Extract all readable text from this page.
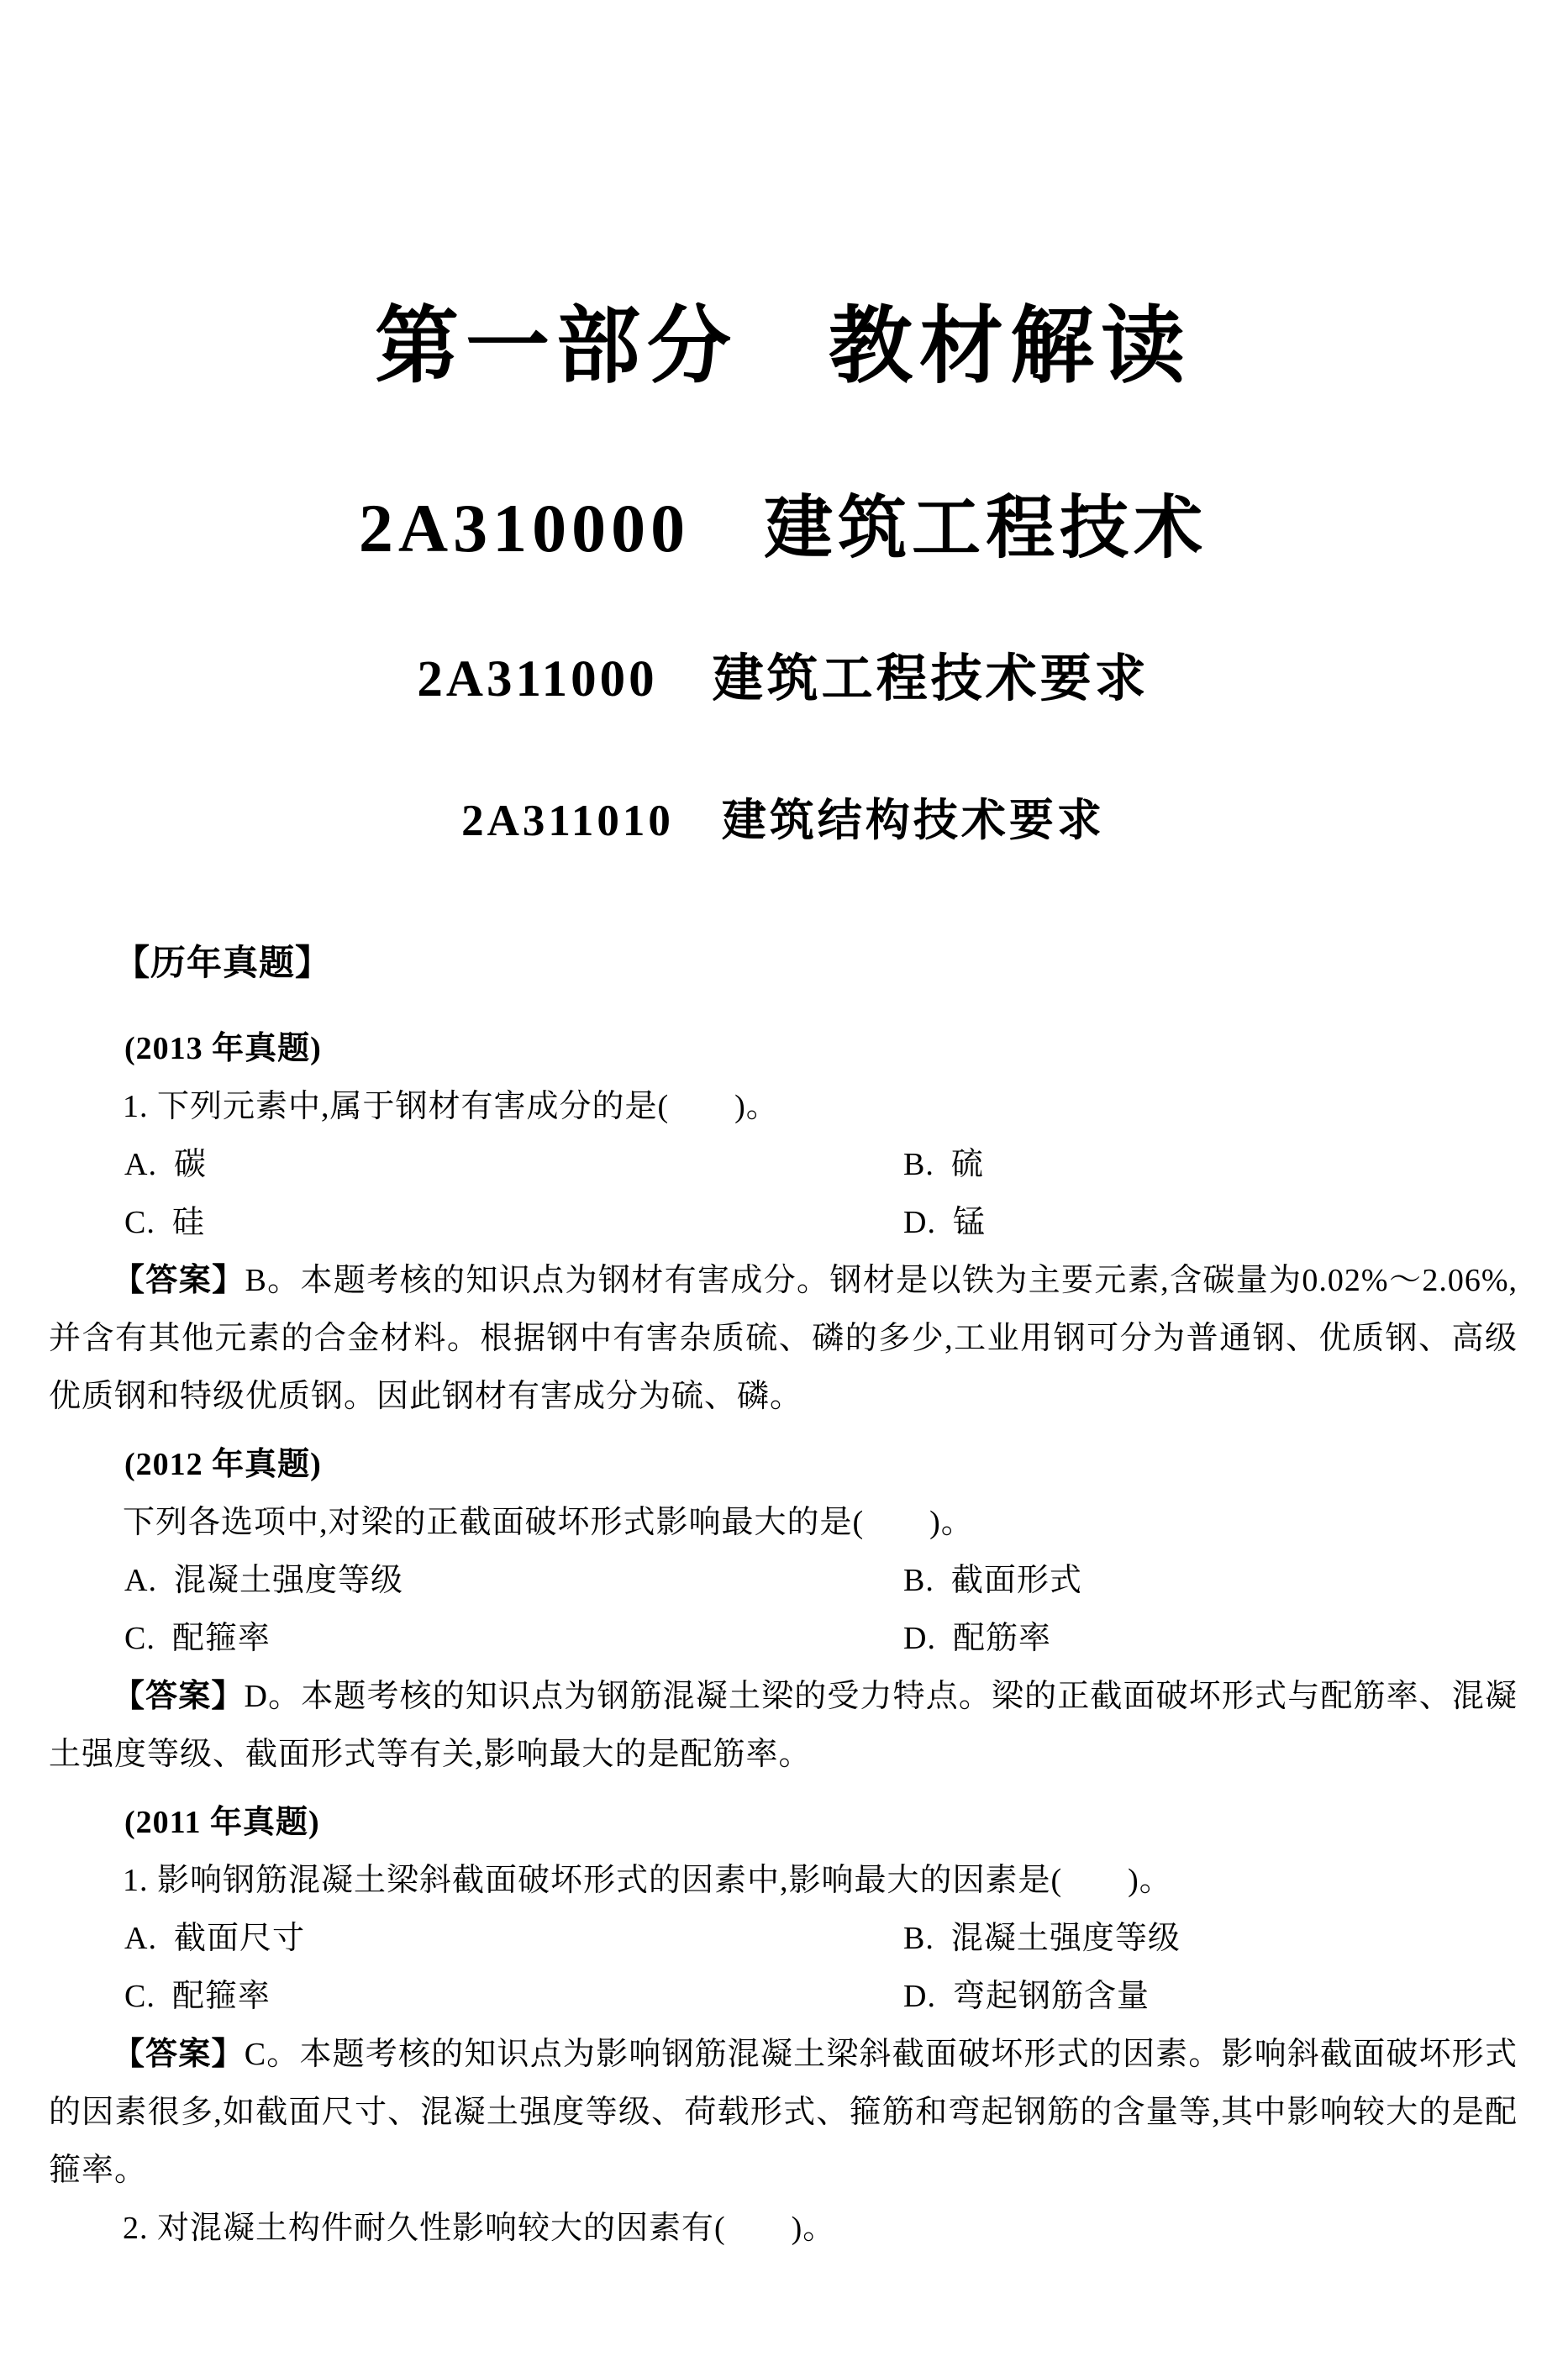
第一部分　教材解读
2A310000　建筑工程技术
2A311000　建筑工程技术要求
2A311010　建筑结构技术要求
【历年真题】
(2013 年真题)
1. 下列元素中,属于钢材有害成分的是(　　)。
A. 碳	B. 硫
C. 硅	D. 锰

【答案】B。本题考核的知识点为钢材有害成分。钢材是以铁为主要元素,含碳量为0.02%～2.06%,并含有其他元素的合金材料。根据钢中有害杂质硫、磷的多少,工业用钢可分为普通钢、优质钢、高级优质钢和特级优质钢。因此钢材有害成分为硫、磷。

(2012 年真题)
下列各选项中,对梁的正截面破坏形式影响最大的是(　　)。
A. 混凝土强度等级	B. 截面形式
C. 配箍率	D. 配筋率

【答案】D。本题考核的知识点为钢筋混凝土梁的受力特点。梁的正截面破坏形式与配筋率、混凝土强度等级、截面形式等有关,影响最大的是配筋率。

(2011 年真题)
1. 影响钢筋混凝土梁斜截面破坏形式的因素中,影响最大的因素是(　　)。
A. 截面尺寸	B. 混凝土强度等级
C. 配箍率	D. 弯起钢筋含量

【答案】C。本题考核的知识点为影响钢筋混凝土梁斜截面破坏形式的因素。影响斜截面破坏形式的因素很多,如截面尺寸、混凝土强度等级、荷载形式、箍筋和弯起钢筋的含量等,其中影响较大的是配箍率。

2. 对混凝土构件耐久性影响较大的因素有(　　)。
